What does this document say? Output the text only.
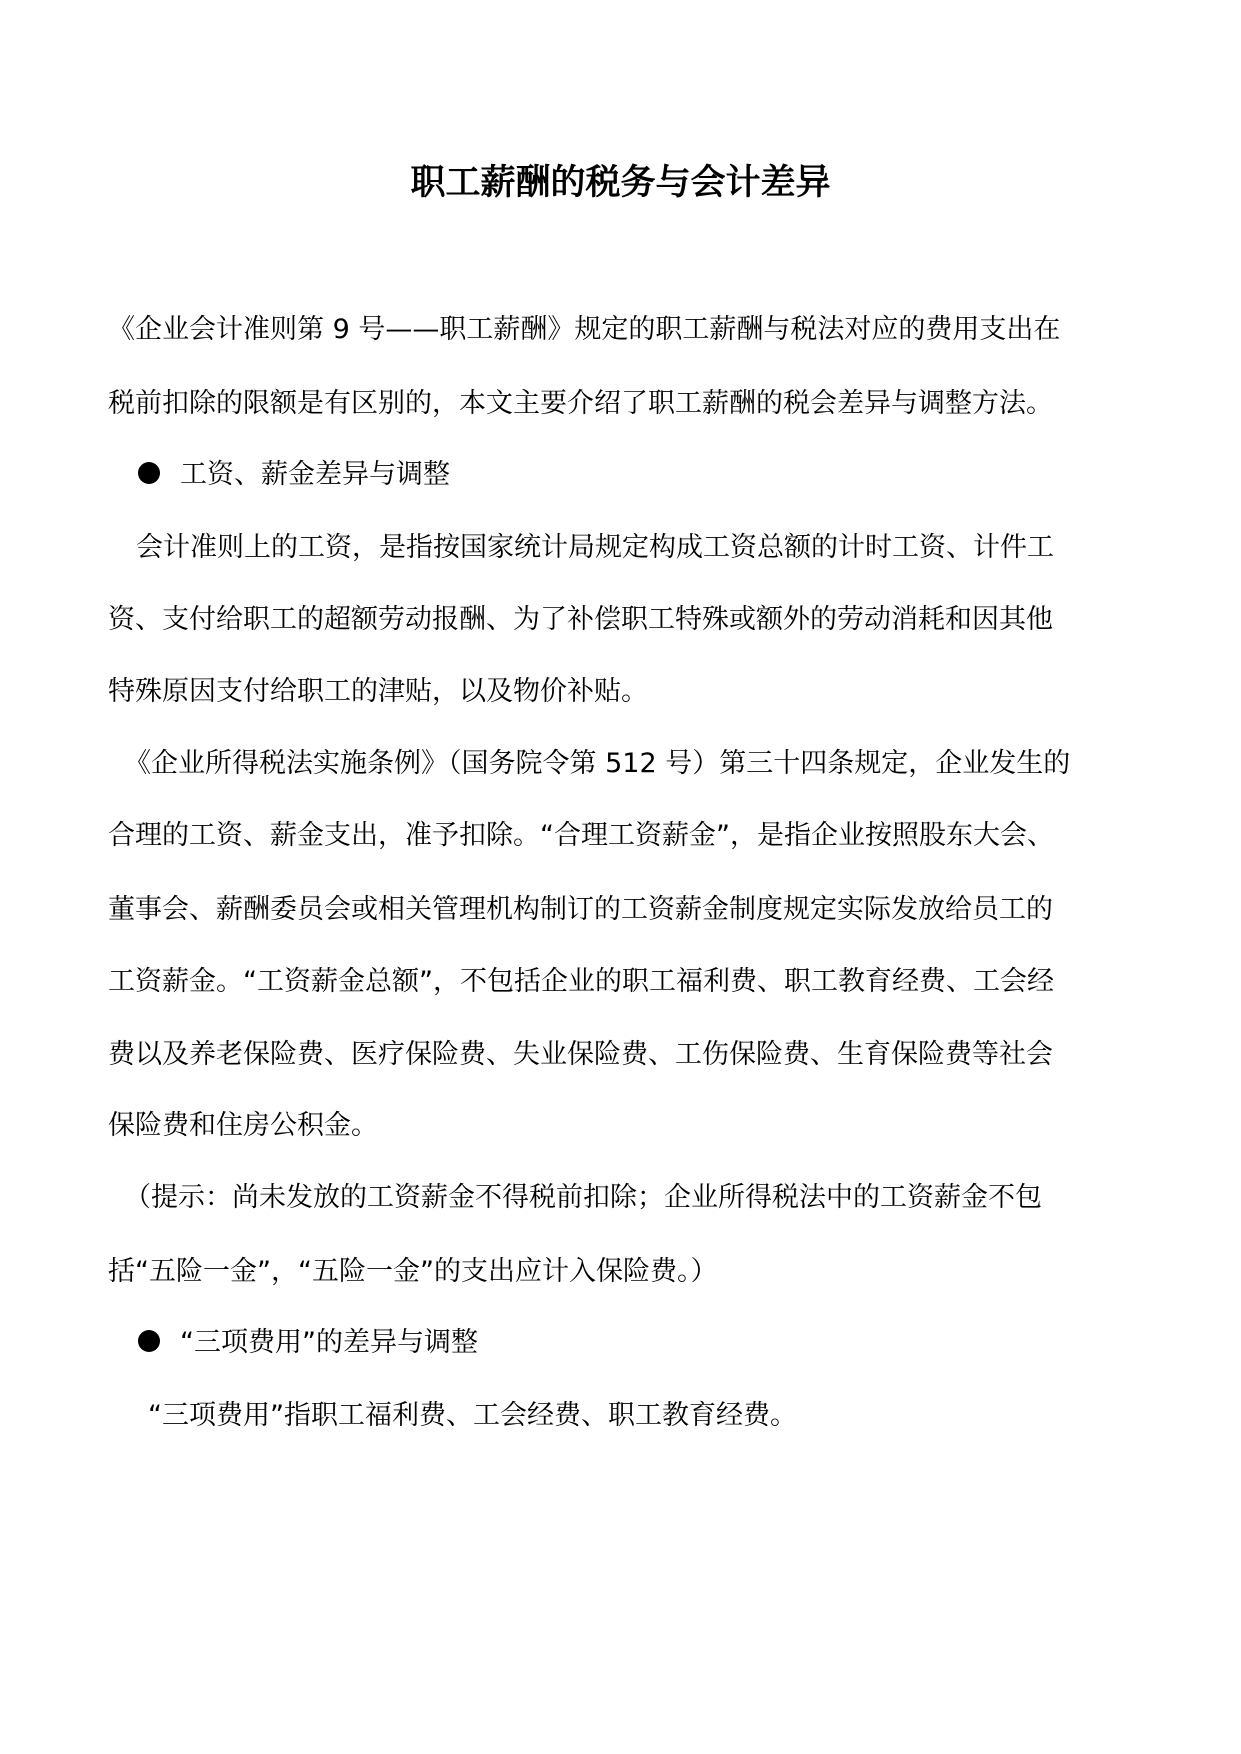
职工薪酬的税务与会计差异
《企业会计准则第 9 号——职工薪酬》规定的职工薪酬与税法对应的费用支出在
税前扣除的限额是有区别的，本文主要介绍了职工薪酬的税会差异与调整方法。
工资、薪金差异与调整
会计准则上的工资，是指按国家统计局规定构成工资总额的计时工资、计件工
资、支付给职工的超额劳动报酬、为了补偿职工特殊或额外的劳动消耗和因其他
特殊原因支付给职工的津贴，以及物价补贴。
《企业所得税法实施条例》（国务院令第 512 号）第三十四条规定，企业发生的
合理的工资、薪金支出，准予扣除。“合理工资薪金”，是指企业按照股东大会、
董事会、薪酬委员会或相关管理机构制订的工资薪金制度规定实际发放给员工的
工资薪金。“工资薪金总额”，不包括企业的职工福利费、职工教育经费、工会经
费以及养老保险费、医疗保险费、失业保险费、工伤保险费、生育保险费等社会
保险费和住房公积金。
（提示：尚未发放的工资薪金不得税前扣除；企业所得税法中的工资薪金不包
括“五险一金”，“五险一金”的支出应计入保险费。）
“三项费用”的差异与调整
“三项费用”指职工福利费、工会经费、职工教育经费。
